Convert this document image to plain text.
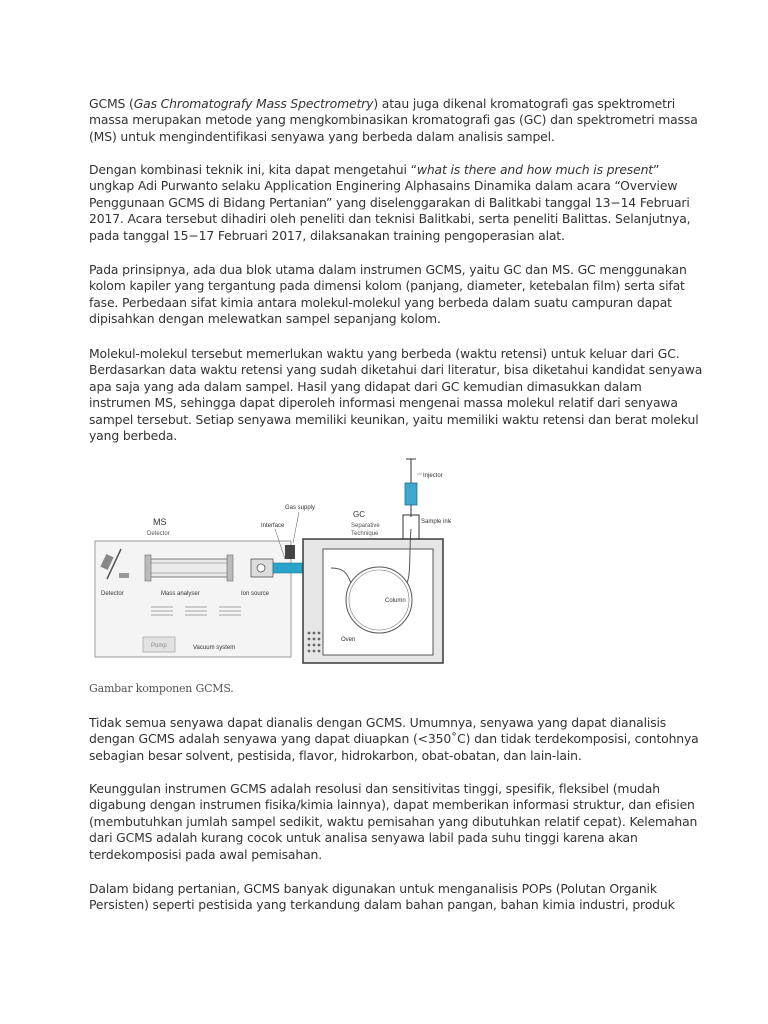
GCMS (Gas Chromatografy Mass Spectrometry) atau juga dikenal kromatografi gas spektrometri
massa merupakan metode yang mengkombinasikan kromatografi gas (GC) dan spektrometri massa
(MS) untuk mengindentifikasi senyawa yang berbeda dalam analisis sampel.

Dengan kombinasi teknik ini, kita dapat mengetahui “what is there and how much is present”
ungkap Adi Purwanto selaku Application Enginering Alphasains Dinamika dalam acara “Overview
Penggunaan GCMS di Bidang Pertanian” yang diselenggarakan di Balitkabi tanggal 13−14 Februari
2017. Acara tersebut dihadiri oleh peneliti dan teknisi Balitkabi, serta peneliti Balittas. Selanjutnya,
pada tanggal 15−17 Februari 2017, dilaksanakan training pengoperasian alat.

Pada prinsipnya, ada dua blok utama dalam instrumen GCMS, yaitu GC dan MS. GC menggunakan
kolom kapiler yang tergantung pada dimensi kolom (panjang, diameter, ketebalan film) serta sifat
fase. Perbedaan sifat kimia antara molekul-molekul yang berbeda dalam suatu campuran dapat
dipisahkan dengan melewatkan sampel sepanjang kolom.

Molekul-molekul tersebut memerlukan waktu yang berbeda (waktu retensi) untuk keluar dari GC.
Berdasarkan data waktu retensi yang sudah diketahui dari literatur, bisa diketahui kandidat senyawa
apa saja yang ada dalam sampel. Hasil yang didapat dari GC kemudian dimasukkan dalam
instrumen MS, sehingga dapat diperoleh informasi mengenai massa molekul relatif dari senyawa
sampel tersebut. Setiap senyawa memiliki keunikan, yaitu memiliki waktu retensi dan berat molekul
yang berbeda.

MS
Detector
Detector	Mass analyser	Ion source
Pump	Vacuum system
Interface
Gas supply
GC
Separative
Technique
Column
Oven
Injector
Sample inlet

Gambar komponen GCMS.

Tidak semua senyawa dapat dianalis dengan GCMS. Umumnya, senyawa yang dapat dianalisis
dengan GCMS adalah senyawa yang dapat diuapkan (<350˚C) dan tidak terdekomposisi, contohnya
sebagian besar solvent, pestisida, flavor, hidrokarbon, obat-obatan, dan lain-lain.

Keunggulan instrumen GCMS adalah resolusi dan sensitivitas tinggi, spesifik, fleksibel (mudah
digabung dengan instrumen fisika/kimia lainnya), dapat memberikan informasi struktur, dan efisien
(membutuhkan jumlah sampel sedikit, waktu pemisahan yang dibutuhkan relatif cepat). Kelemahan
dari GCMS adalah kurang cocok untuk analisa senyawa labil pada suhu tinggi karena akan
terdekomposisi pada awal pemisahan.

Dalam bidang pertanian, GCMS banyak digunakan untuk menganalisis POPs (Polutan Organik
Persisten) seperti pestisida yang terkandung dalam bahan pangan, bahan kimia industri, produk
